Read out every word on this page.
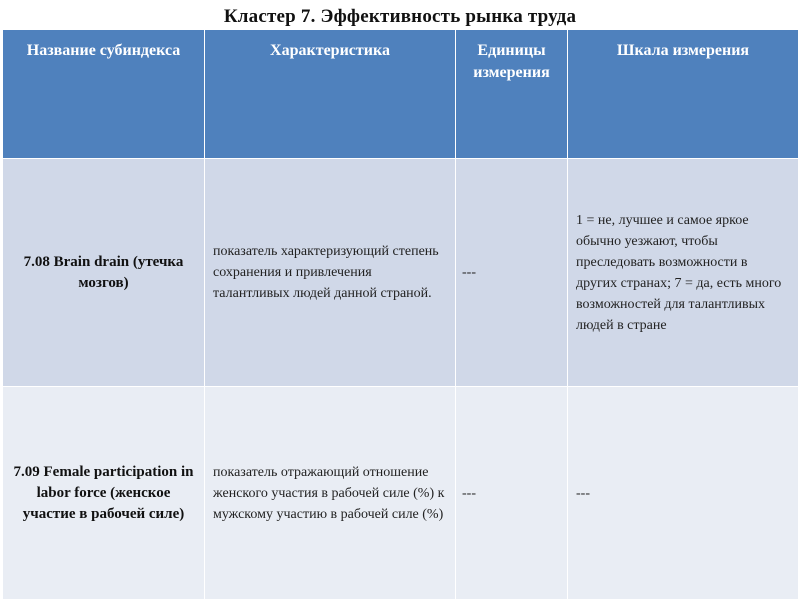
Кластер 7. Эффективность рынка труда
Название субиндекса	Характеристика	Единицы измерения	Шкала измерения
7.08 Brain drain (утечка мозгов)	показатель характеризующий степень сохранения и привлечения талантливых людей данной страной.	---	1 = не, лучшее и самое яркое обычно уезжают, чтобы преследовать возможности в других странах; 7 = да, есть много возможностей для талантливых людей в стране
7.09 Female participation in labor force (женское участие в рабочей силе)	показатель отражающий отношение женского участия в рабочей силе (%) к мужскому участию в рабочей силе (%)	---	---
